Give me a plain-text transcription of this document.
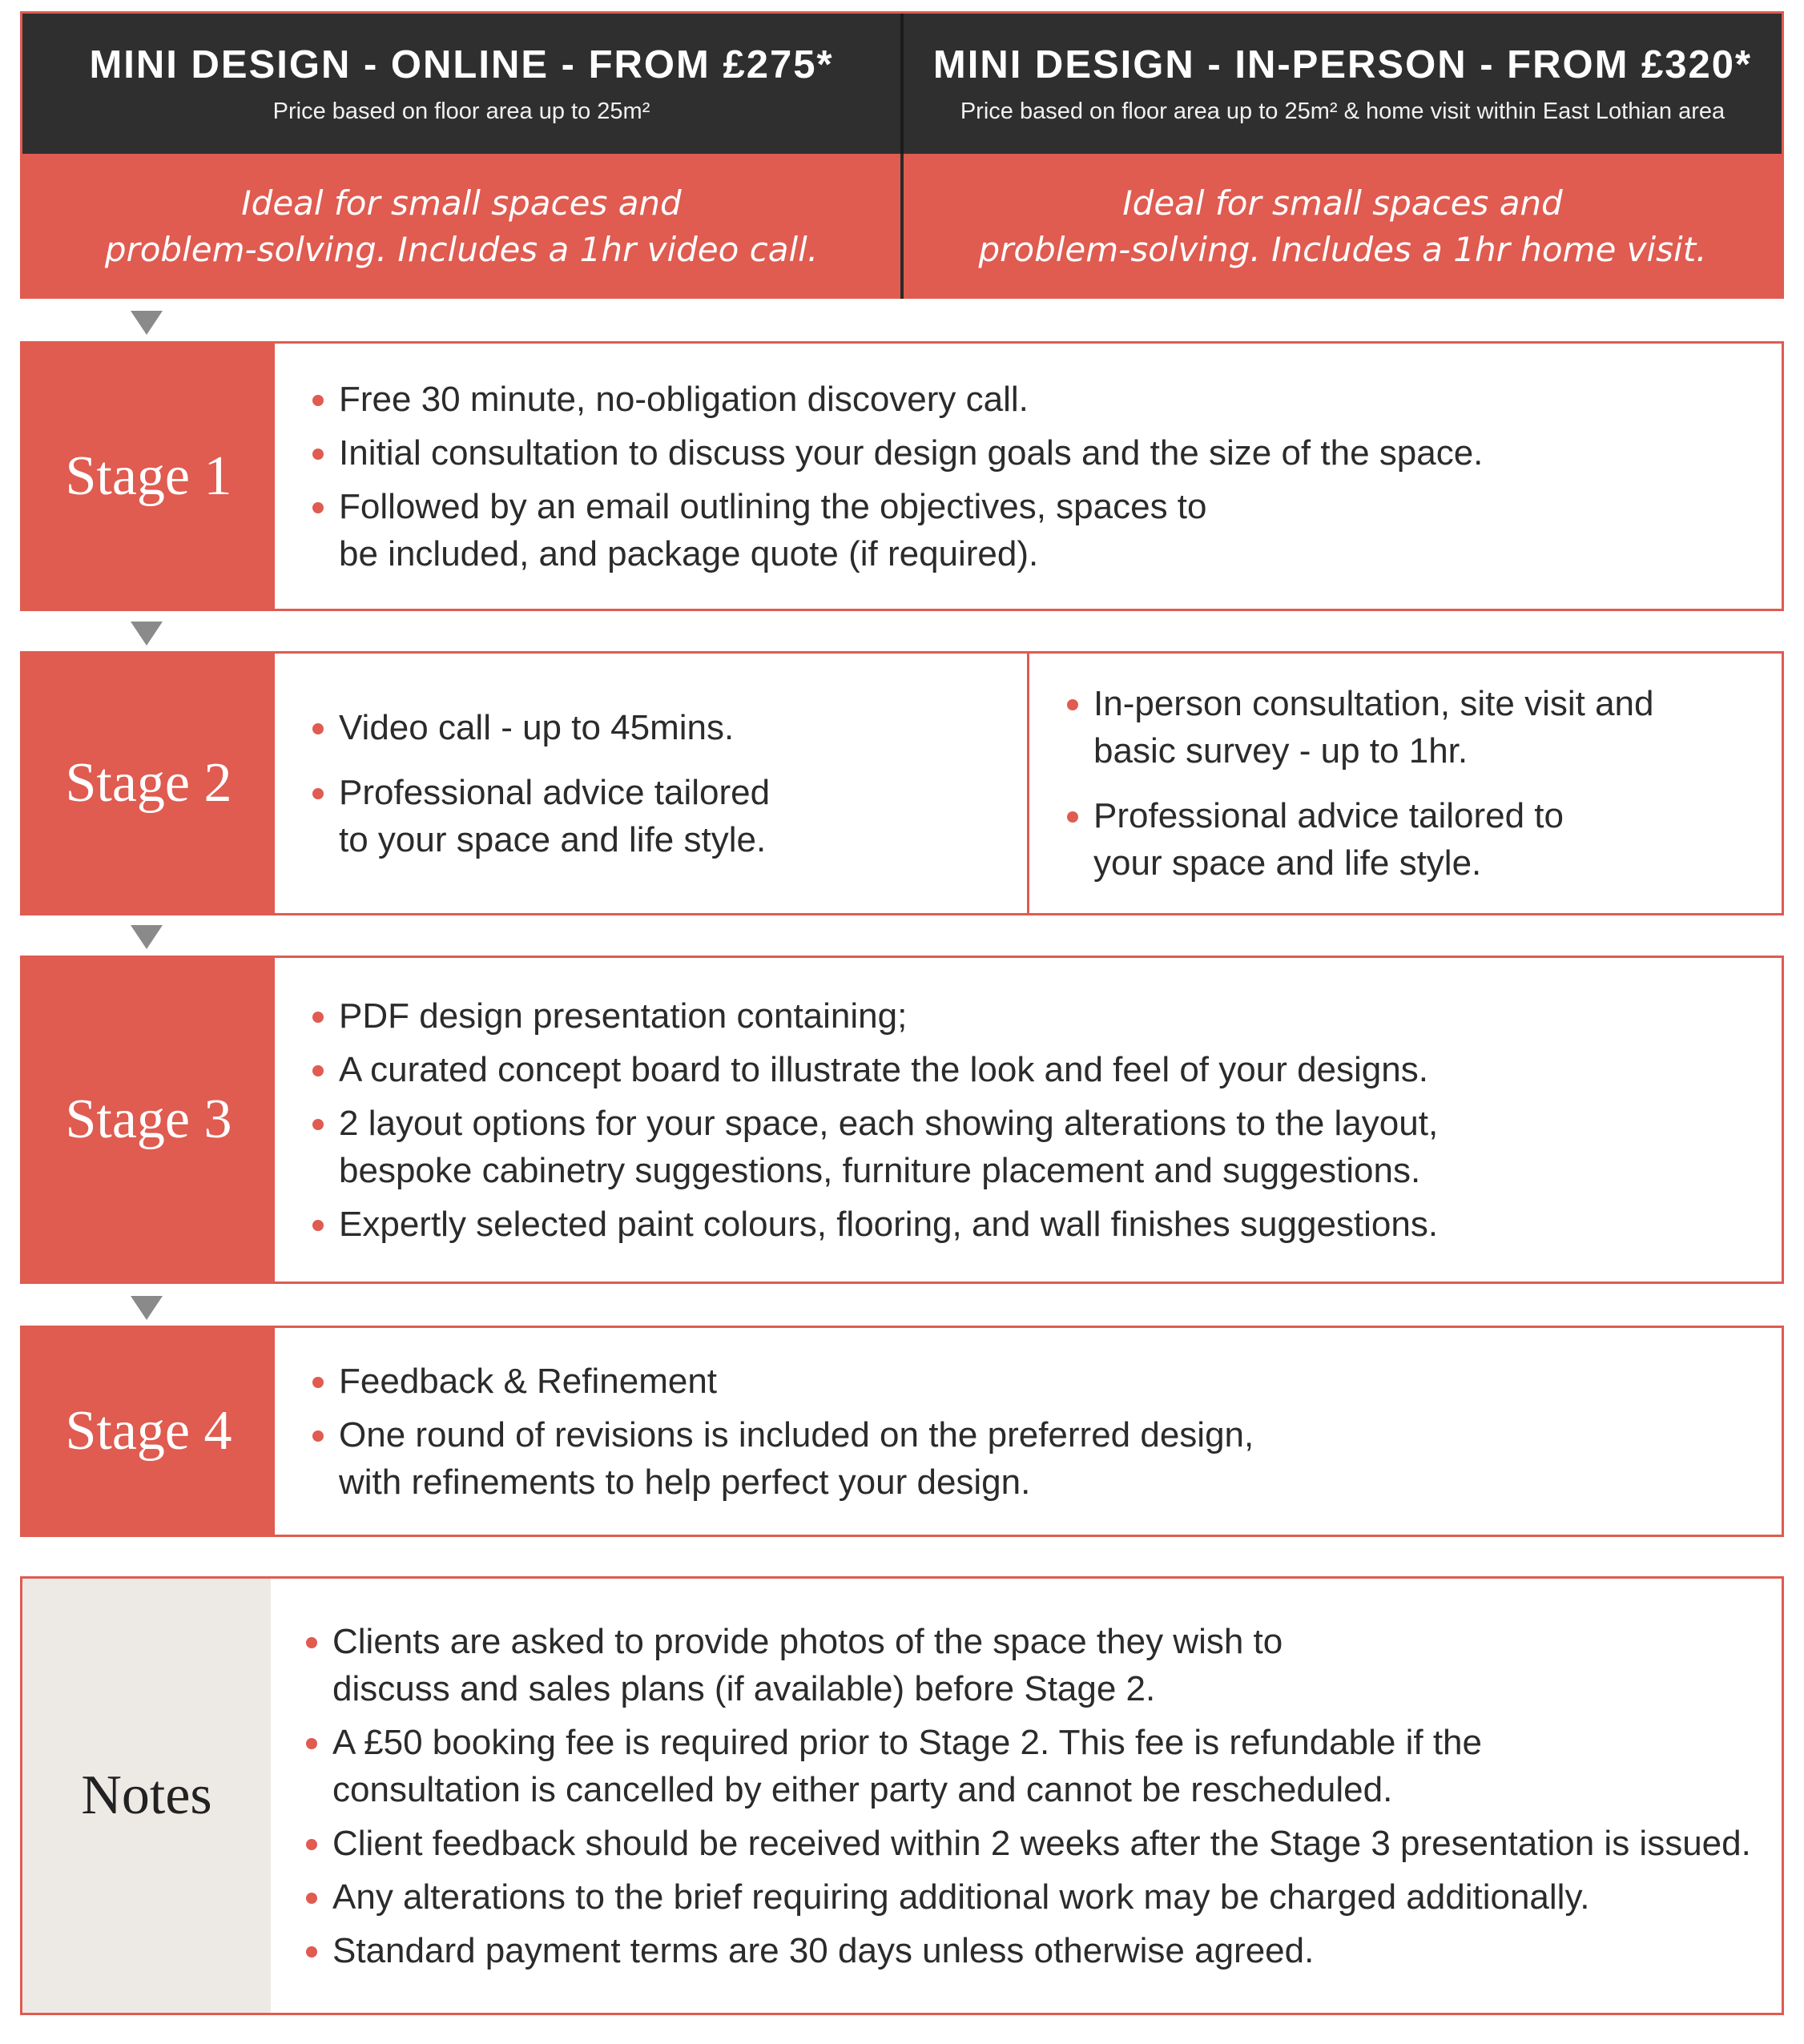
MINI DESIGN - ONLINE - FROM £275*
Price based on floor area up to 25m²
MINI DESIGN - IN-PERSON - FROM £320*
Price based on floor area up to 25m² & home visit within East Lothian area
Ideal for small spaces and
problem-solving. Includes a 1hr video call.
Ideal for small spaces and
problem-solving. Includes a 1hr home visit.
Stage 1
Free 30 minute, no-obligation discovery call.
Initial consultation to discuss your design goals and the size of the space.
Followed by an email outlining the objectives, spaces to
be included, and package quote (if required).
Stage 2
Video call - up to 45mins.
Professional advice tailored
to your space and life style.
In-person consultation, site visit and
basic survey - up to 1hr.
Professional advice tailored to
your space and life style.
Stage 3
PDF design presentation containing;
A curated concept board to illustrate the look and feel of your designs.
2 layout options for your space, each showing alterations to the layout,
bespoke cabinetry suggestions, furniture placement and suggestions.
Expertly selected paint colours, flooring, and wall finishes suggestions.
Stage 4
Feedback & Refinement
One round of revisions is included on the preferred design,
with refinements to help perfect your design.
Notes
Clients are asked to provide photos of the space they wish to
discuss and sales plans (if available) before Stage 2.
A £50 booking fee is required prior to Stage 2. This fee is refundable if the
consultation is cancelled by either party and cannot be rescheduled.
Client feedback should be received within 2 weeks after the Stage 3 presentation is issued.
Any alterations to the brief requiring additional work may be charged additionally.
Standard payment terms are 30 days unless otherwise agreed.
